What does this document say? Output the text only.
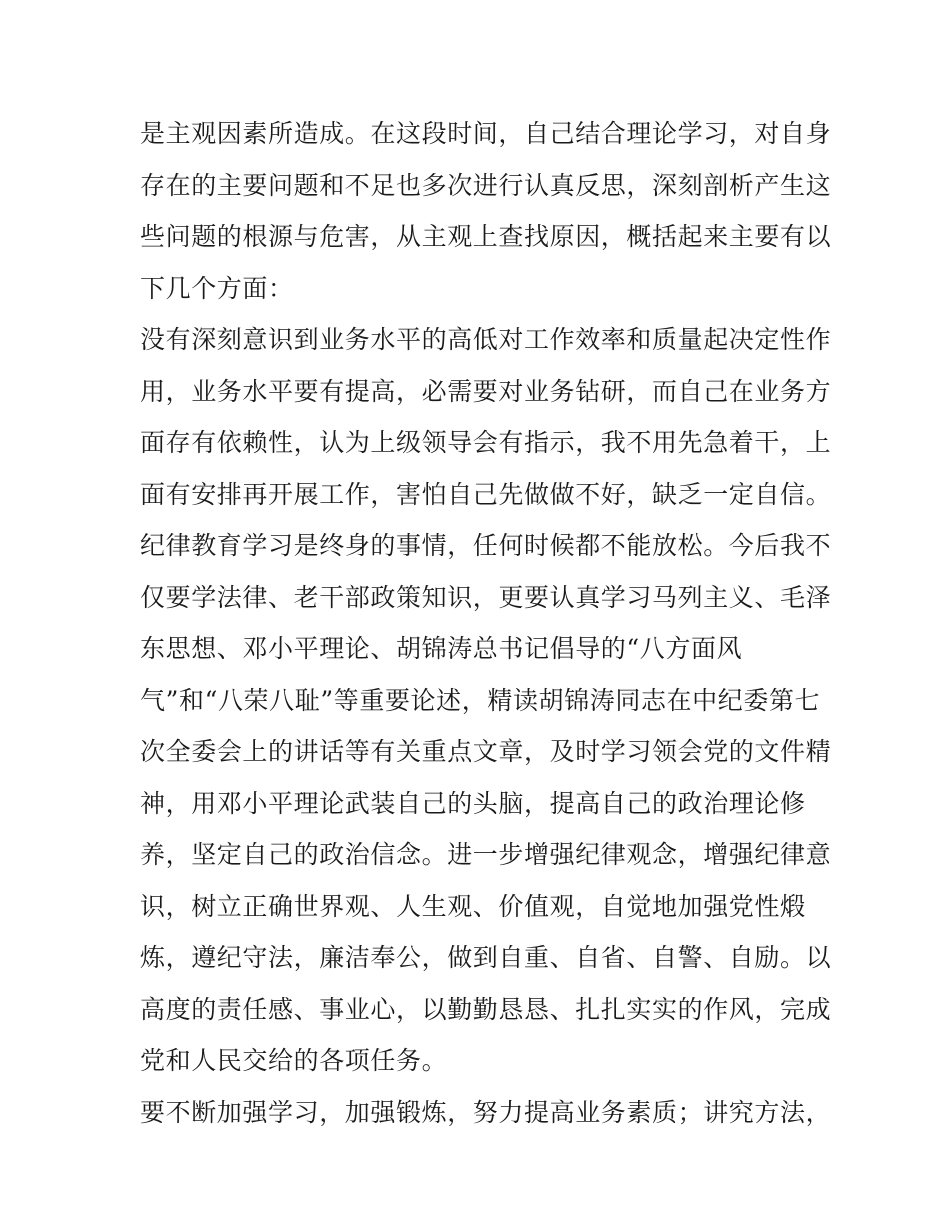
是主观因素所造成。在这段时间，自己结合理论学习，对自身
存在的主要问题和不足也多次进行认真反思，深刻剖析产生这
些问题的根源与危害，从主观上查找原因，概括起来主要有以
下几个方面：
没有深刻意识到业务水平的高低对工作效率和质量起决定性作
用，业务水平要有提高，必需要对业务钻研，而自己在业务方
面存有依赖性，认为上级领导会有指示，我不用先急着干，上
面有安排再开展工作，害怕自己先做做不好，缺乏一定自信。
纪律教育学习是终身的事情，任何时候都不能放松。今后我不
仅要学法律、老干部政策知识，更要认真学习马列主义、毛泽
东思想、邓小平理论、胡锦涛总书记倡导的“八方面风
气”和“八荣八耻”等重要论述，精读胡锦涛同志在中纪委第七
次全委会上的讲话等有关重点文章，及时学习领会党的文件精
神，用邓小平理论武装自己的头脑，提高自己的政治理论修
养，坚定自己的政治信念。进一步增强纪律观念，增强纪律意
识，树立正确世界观、人生观、价值观，自觉地加强党性煅
炼，遵纪守法，廉洁奉公，做到自重、自省、自警、自励。以
高度的责任感、事业心，以勤勤恳恳、扎扎实实的作风，完成
党和人民交给的各项任务。
要不断加强学习，加强锻炼，努力提高业务素质；讲究方法，
